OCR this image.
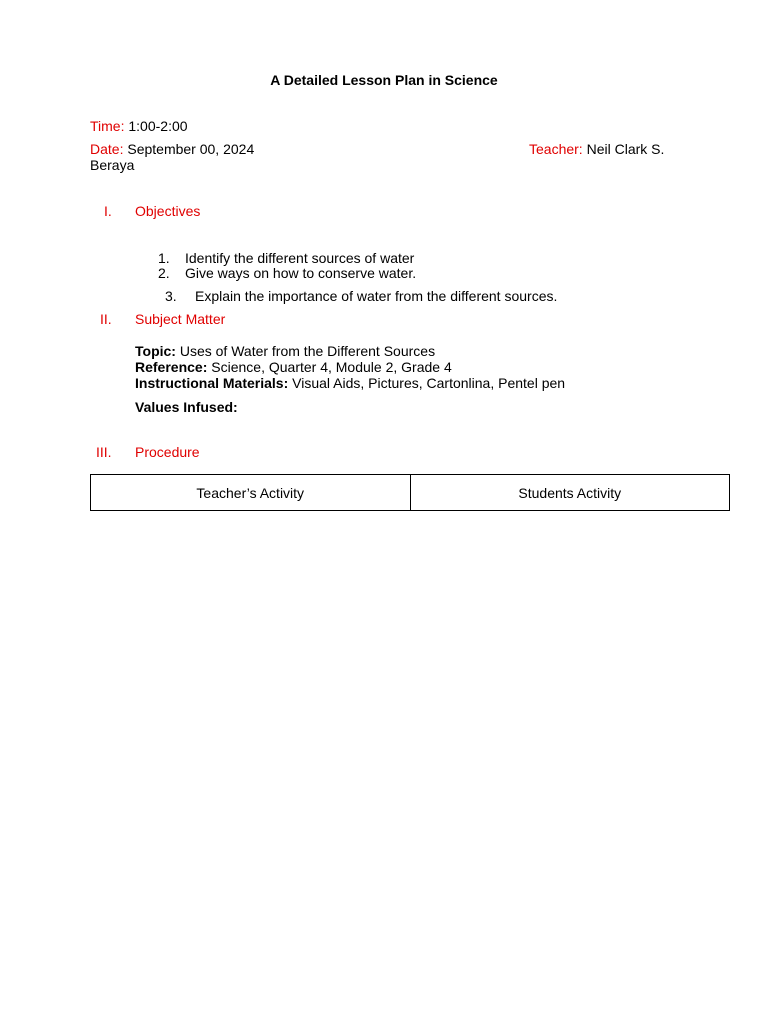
A Detailed Lesson Plan in Science
Time: 1:00-2:00
Date: September 00, 2024	Teacher: Neil Clark S.
Beraya
I. Objectives
1. Identify the different sources of water
2. Give ways on how to conserve water.
3. Explain the importance of water from the different sources.
II. Subject Matter
Topic: Uses of Water from the Different Sources
Reference: Science, Quarter 4, Module 2, Grade 4
Instructional Materials: Visual Aids, Pictures, Cartonlina, Pentel pen
Values Infused:
III. Procedure
Teacher’s Activity	Students Activity
